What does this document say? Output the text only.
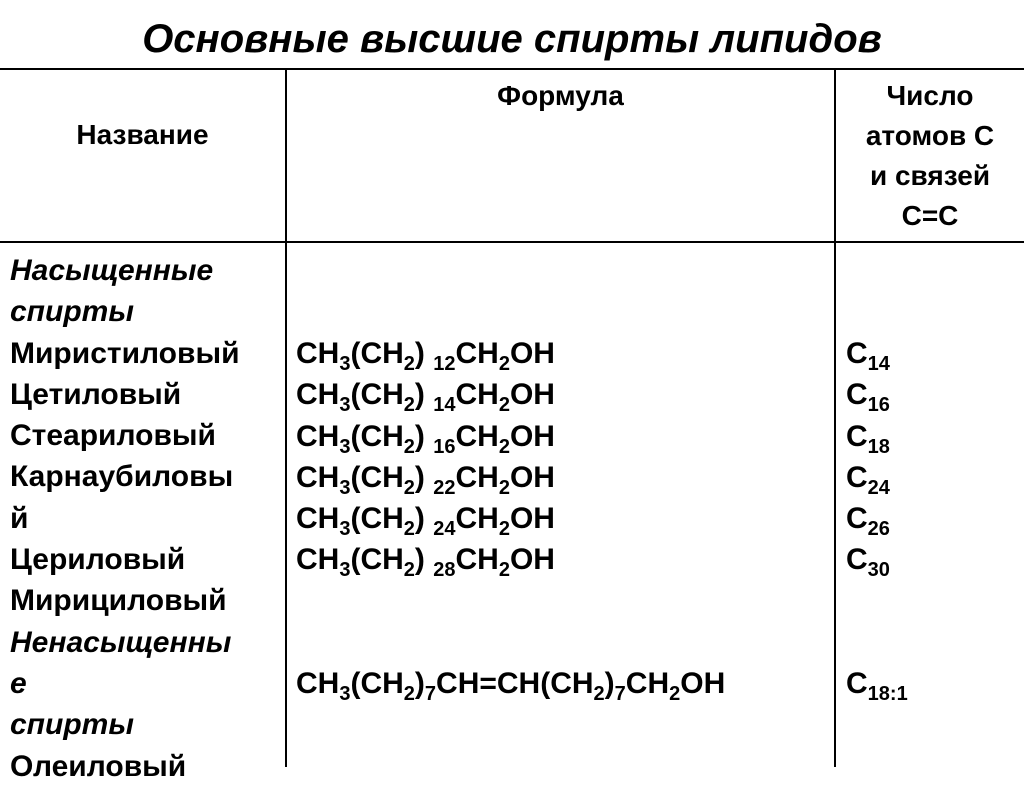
Основные высшие спирты липидов
Название
Формула	Число
атомов С
и связей
С=С
Насыщенные
спирты
Миристиловый
Цетиловый
Стеариловый
Карнаубиловы
й
Цериловый
Мирициловый
Ненасыщенны
е
спирты
Олеиловый
$CH_3(CH_2)$ $_{12}CH_2OH$
$CH_3(CH_2)$ $_{14}CH_2OH$
$CH_3(CH_2)$ $_{16}CH_2OH$
$CH_3(CH_2)$ $_{22}CH_2OH$
$CH_3(CH_2)$ $_{24}CH_2OH$
$CH_3(CH_2)$ $_{28}CH_2OH$
$CH_3(CH_2)_7CH=CH(CH_2)_7CH_2OH$
$C_{14}$
$C_{16}$
$C_{18}$
$C_{24}$
$C_{26}$
$C_{30}$
$C_{18:1}$
